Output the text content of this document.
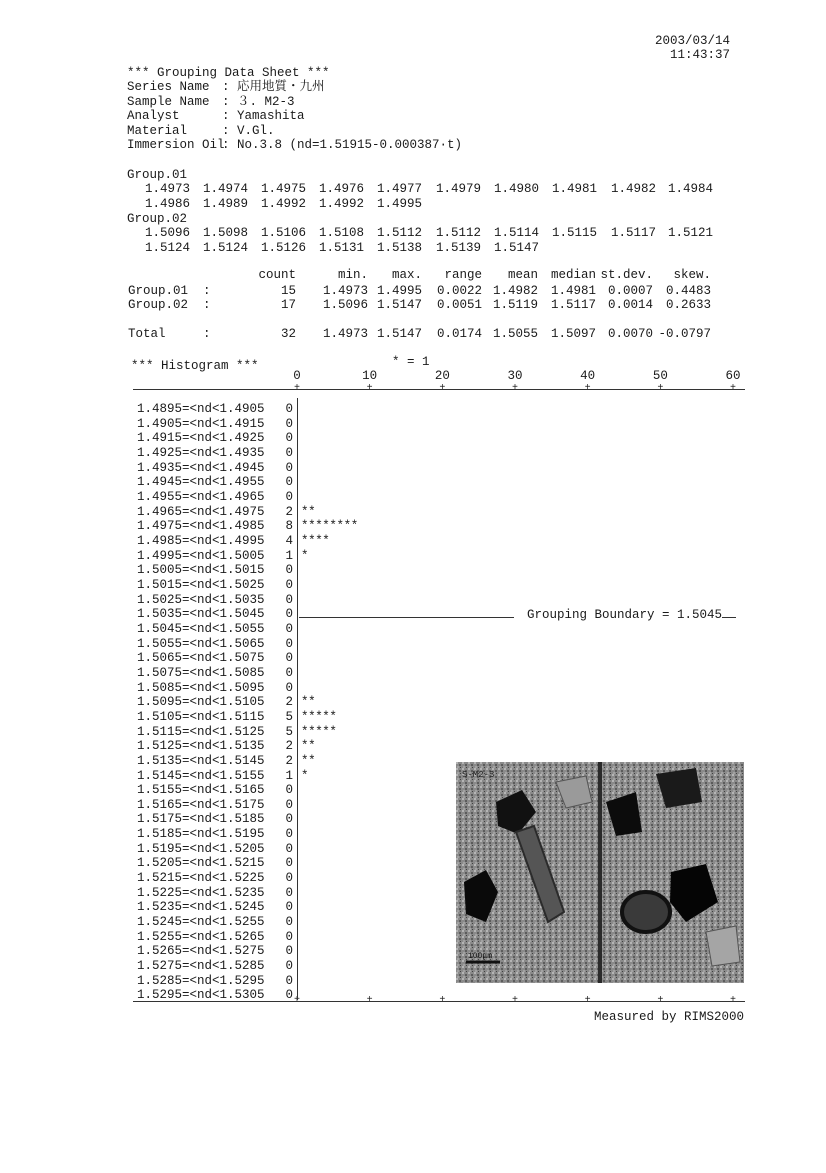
2003/03/14
11:43:37
*** Grouping Data Sheet ***
Series Name
: 応用地質・九州
Sample Name
: ３. M2-3
Analyst
: Yamashita
Material
: V.Gl.
Immersion Oil
: No.3.8 (nd=1.51915-0.000387·t)
Group.01
1.4973 1.4974 1.4975 1.4976 1.4977 1.4979 1.4980 1.4981 1.4982 1.4984
1.4986 1.4989 1.4992 1.4992 1.4995
Group.02
1.5096 1.5098 1.5106 1.5108 1.5112 1.5112 1.5114 1.5115 1.5117 1.5121
1.5124 1.5124 1.5126 1.5131 1.5138 1.5139 1.5147
count	min. max. range mean median st.dev. skew.
Group.01 :	15 1.4973 1.4995 0.0022 1.4982 1.4981 0.0007 0.4483
Group.02 :	17 1.5096 1.5147 0.0051 1.5119 1.5117 0.0014 0.2633
Total	:	32 1.4973 1.5147 0.0174 1.5055 1.5097 0.0070 -0.0797
*** Histogram ***	* = 1
0	10	20	30	40	50	60
+
+
+
+
+
+
+
+
+
+
+
+
+
+
1.4895=<nd<1.4905 0
1.4905=<nd<1.4915 0
1.4915=<nd<1.4925 0
1.4925=<nd<1.4935 0
1.4935=<nd<1.4945 0
1.4945=<nd<1.4955 0
1.4955=<nd<1.4965 0
1.4965=<nd<1.4975 2 **
1.4975=<nd<1.4985 8 ********
1.4985=<nd<1.4995 4 ****
1.4995=<nd<1.5005 1 *
1.5005=<nd<1.5015 0
1.5015=<nd<1.5025 0
1.5025=<nd<1.5035 0
1.5035=<nd<1.5045 0
1.5045=<nd<1.5055 0
1.5055=<nd<1.5065 0
1.5065=<nd<1.5075 0
1.5075=<nd<1.5085 0
1.5085=<nd<1.5095 0
1.5095=<nd<1.5105 2 **
1.5105=<nd<1.5115 5 *****
1.5115=<nd<1.5125 5 *****
1.5125=<nd<1.5135 2 **
1.5135=<nd<1.5145 2 **
1.5145=<nd<1.5155 1 *
1.5155=<nd<1.5165 0
1.5165=<nd<1.5175 0
1.5175=<nd<1.5185 0
1.5185=<nd<1.5195 0
1.5195=<nd<1.5205 0
1.5205=<nd<1.5215 0
1.5215=<nd<1.5225 0
1.5225=<nd<1.5235 0
1.5235=<nd<1.5245 0
1.5245=<nd<1.5255 0
1.5255=<nd<1.5265 0
1.5265=<nd<1.5275 0
1.5275=<nd<1.5285 0
1.5285=<nd<1.5295 0
1.5295=<nd<1.5305 0
Grouping Boundary = 1.5045
S-M2-3
100μm
Measured by RIMS2000
